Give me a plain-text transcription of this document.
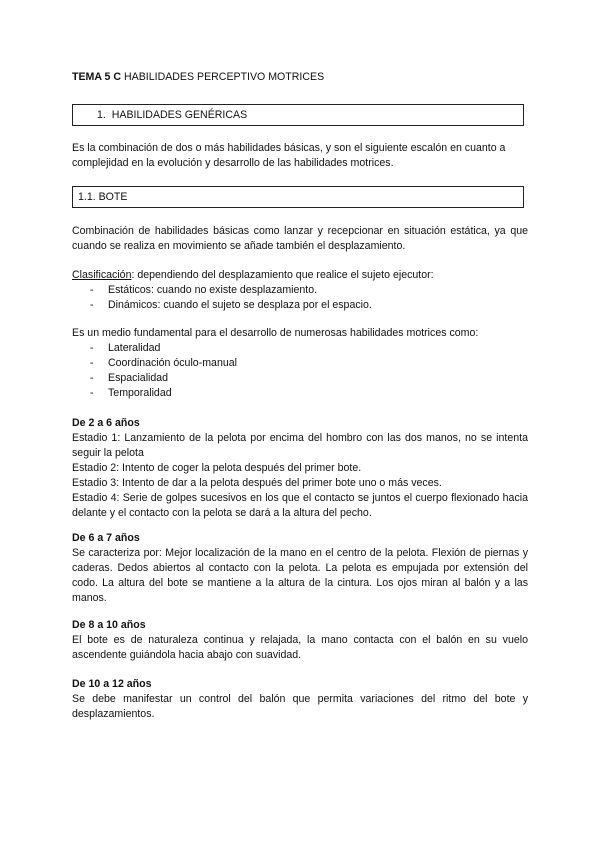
TEMA 5 C HABILIDADES PERCEPTIVO MOTRICES

1. HABILIDADES GENÉRICAS

Es la combinación de dos o más habilidades básicas, y son el siguiente escalón en cuanto a complejidad en la evolución y desarrollo de las habilidades motrices.

1.1. BOTE

Combinación de habilidades básicas como lanzar y recepcionar en situación estática, ya que cuando se realiza en movimiento se añade también el desplazamiento.

Clasificación: dependiendo del desplazamiento que realice el sujeto ejecutor:

- Estáticos: cuando no existe desplazamiento.
- Dinámicos: cuando el sujeto se desplaza por el espacio.

Es un medio fundamental para el desarrollo de numerosas habilidades motrices como:

- Lateralidad
- Coordinación óculo-manual
- Espacialidad
- Temporalidad

De 2 a 6 años

Estadio 1: Lanzamiento de la pelota por encima del hombro con las dos manos, no se intenta seguir la pelota

Estadio 2: Intento de coger la pelota después del primer bote.

Estadio 3: Intento de dar a la pelota después del primer bote uno o más veces.

Estadio 4: Serie de golpes sucesivos en los que el contacto se juntos el cuerpo flexionado hacia delante y el contacto con la pelota se dará a la altura del pecho.

De 6 a 7 años

Se caracteriza por: Mejor localización de la mano en el centro de la pelota. Flexión de piernas y caderas. Dedos abiertos al contacto con la pelota. La pelota es empujada por extensión del codo. La altura del bote se mantiene a la altura de la cintura. Los ojos miran al balón y a las manos.

De 8 a 10 años

El bote es de naturaleza continua y relajada, la mano contacta con el balón en su vuelo ascendente guiándola hacia abajo con suavidad.

De 10 a 12 años

Se debe manifestar un control del balón que permita variaciones del ritmo del bote y desplazamientos.
